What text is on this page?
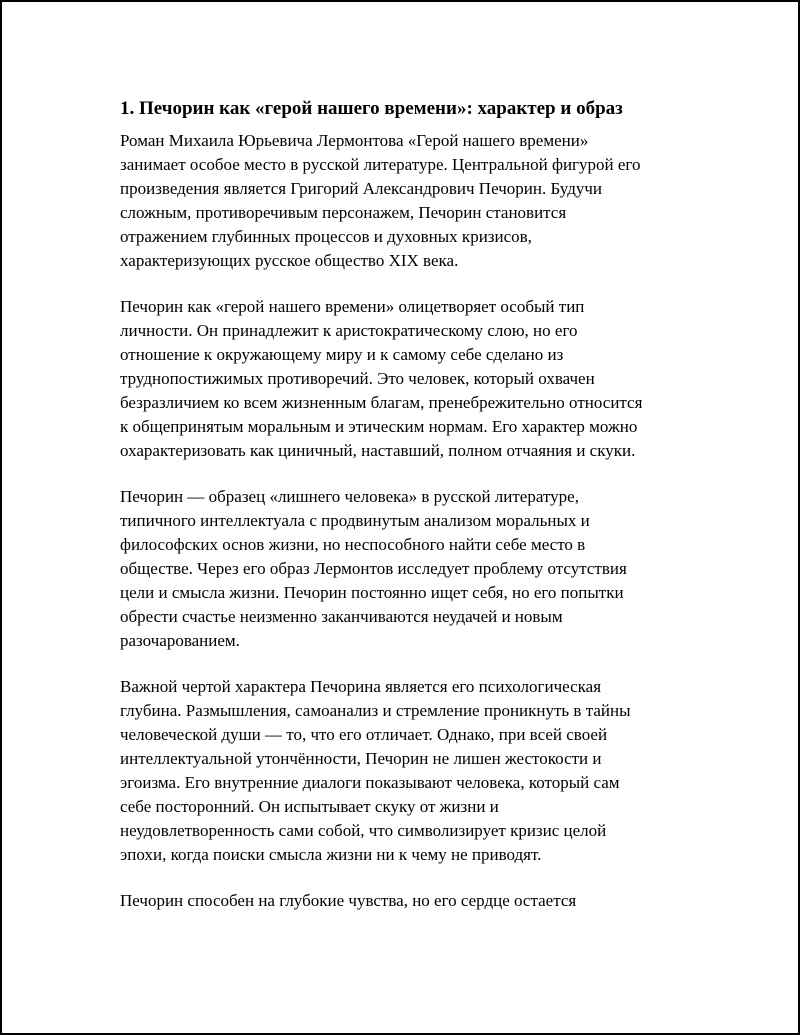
1. Печорин как «герой нашего времени»: характер и образ

Роман Михаила Юрьевича Лермонтова «Герой нашего времени»
занимает особое место в русской литературе. Центральной фигурой его
произведения является Григорий Александрович Печорин. Будучи
сложным, противоречивым персонажем, Печорин становится
отражением глубинных процессов и духовных кризисов,
характеризующих русское общество XIX века.

Печорин как «герой нашего времени» олицетворяет особый тип
личности. Он принадлежит к аристократическому слою, но его
отношение к окружающему миру и к самому себе сделано из
труднопостижимых противоречий. Это человек, который охвачен
безразличием ко всем жизненным благам, пренебрежительно относится
к общепринятым моральным и этическим нормам. Его характер можно
охарактеризовать как циничный, наставший, полном отчаяния и скуки.

Печорин — образец «лишнего человека» в русской литературе,
типичного интеллектуала с продвинутым анализом моральных и
философских основ жизни, но неспособного найти себе место в
обществе. Через его образ Лермонтов исследует проблему отсутствия
цели и смысла жизни. Печорин постоянно ищет себя, но его попытки
обрести счастье неизменно заканчиваются неудачей и новым
разочарованием.

Важной чертой характера Печорина является его психологическая
глубина. Размышления, самоанализ и стремление проникнуть в тайны
человеческой души — то, что его отличает. Однако, при всей своей
интеллектуальной утончённости, Печорин не лишен жестокости и
эгоизма. Его внутренние диалоги показывают человека, который сам
себе посторонний. Он испытывает скуку от жизни и
неудовлетворенность сами собой, что символизирует кризис целой
эпохи, когда поиски смысла жизни ни к чему не приводят.

Печорин способен на глубокие чувства, но его сердце остается
